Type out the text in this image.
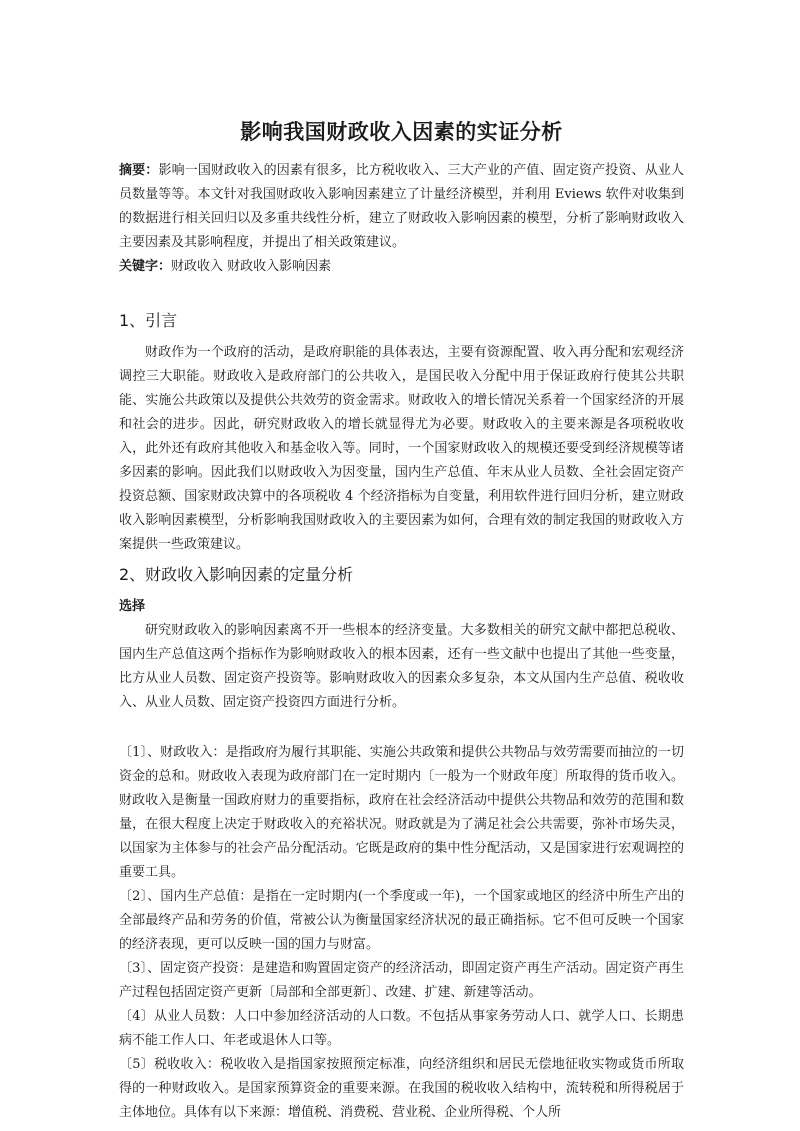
影响我国财政收入因素的实证分析

摘要：影响一国财政收入的因素有很多，比方税收收入、三大产业的产值、固定资产投资、从业人员数量等等。本文针对我国财政收入影响因素建立了计量经济模型，并利用 Eviews 软件对收集到的数据进行相关回归以及多重共线性分析，建立了财政收入影响因素的模型，分析了影响财政收入主要因素及其影响程度，并提出了相关政策建议。

关键字：财政收入 财政收入影响因素

1、引言

财政作为一个政府的活动，是政府职能的具体表达，主要有资源配置、收入再分配和宏观经济调控三大职能。财政收入是政府部门的公共收入，是国民收入分配中用于保证政府行使其公共职能、实施公共政策以及提供公共效劳的资金需求。财政收入的增长情况关系着一个国家经济的开展和社会的进步。因此，研究财政收入的增长就显得尤为必要。财政收入的主要来源是各项税收收入，此外还有政府其他收入和基金收入等。同时，一个国家财政收入的规模还要受到经济规模等诸多因素的影响。因此我们以财政收入为因变量，国内生产总值、年末从业人员数、全社会固定资产投资总额、国家财政决算中的各项税收 4 个经济指标为自变量，利用软件进行回归分析，建立财政收入影响因素模型，分析影响我国财政收入的主要因素为如何，合理有效的制定我国的财政收入方案提供一些政策建议。

2、财政收入影响因素的定量分析

选择

研究财政收入的影响因素离不开一些根本的经济变量。大多数相关的研究文献中都把总税收、国内生产总值这两个指标作为影响财政收入的根本因素，还有一些文献中也提出了其他一些变量，比方从业人员数、固定资产投资等。影响财政收入的因素众多复杂，本文从国内生产总值、税收收入、从业人员数、固定资产投资四方面进行分析。

〔1〕、财政收入：是指政府为履行其职能、实施公共政策和提供公共物品与效劳需要而抽泣的一切资金的总和。财政收入表现为政府部门在一定时期内〔一般为一个财政年度〕所取得的货币收入。财政收入是衡量一国政府财力的重要指标，政府在社会经济活动中提供公共物品和效劳的范围和数量，在很大程度上决定于财政收入的充裕状况。财政就是为了满足社会公共需要，弥补市场失灵，以国家为主体参与的社会产品分配活动。它既是政府的集中性分配活动，又是国家进行宏观调控的重要工具。

〔2〕、国内生产总值：是指在一定时期内(一个季度或一年)，一个国家或地区的经济中所生产出的全部最终产品和劳务的价值，常被公认为衡量国家经济状况的最正确指标。它不但可反映一个国家的经济表现，更可以反映一国的国力与财富。

〔3〕、固定资产投资：是建造和购置固定资产的经济活动，即固定资产再生产活动。固定资产再生产过程包括固定资产更新〔局部和全部更新〕、改建、扩建、新建等活动。

〔4〕从业人员数：人口中参加经济活动的人口数。不包括从事家务劳动人口、就学人口、长期患病不能工作人口、年老或退休人口等。

〔5〕税收收入：税收收入是指国家按照预定标准，向经济组织和居民无偿地征收实物或货币所取得的一种财政收入。是国家预算资金的重要来源。在我国的税收收入结构中，流转税和所得税居于主体地位。具体有以下来源：增值税、消费税、营业税、企业所得税、个人所
